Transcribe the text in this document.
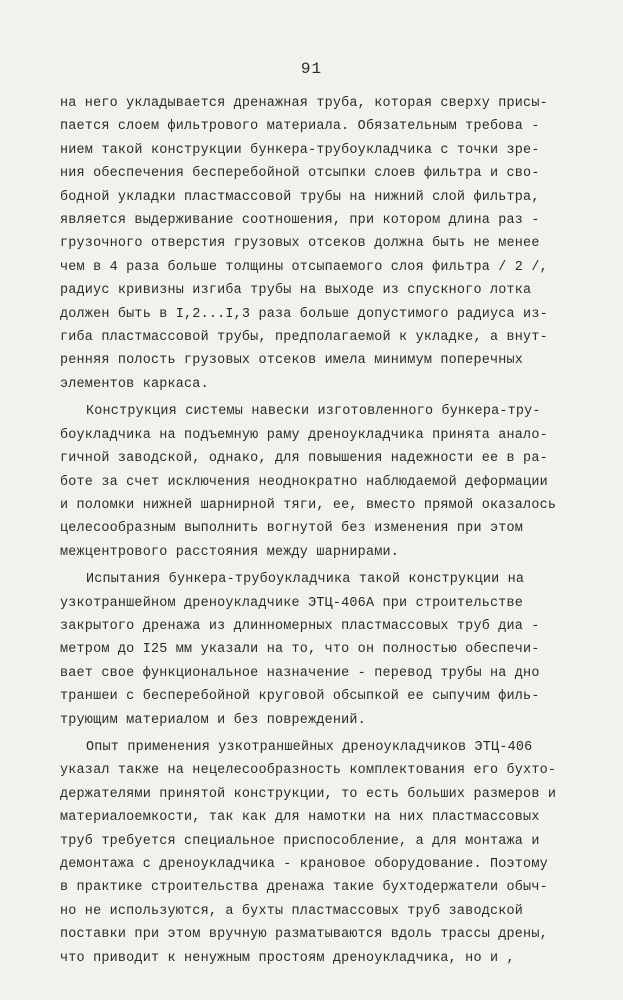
91
на него укладывается дренажная труба, которая сверху присы-
пается слоем фильтрового материала. Обязательным требова -
нием такой конструкции бункера-трубоукладчика с точки зре-
ния обеспечения бесперебойной отсыпки слоев фильтра и сво-
бодной укладки пластмассовой трубы на нижний слой фильтра,
является выдерживание соотношения, при котором длина раз -
грузочного отверстия грузовых отсеков должна быть не менее
чем в 4 раза больше толщины отсыпаемого слоя фильтра / 2 /,
радиус кривизны изгиба трубы на выходе из спускного лотка
должен быть в I,2...I,3 раза больше допустимого радиуса из-
гиба пластмассовой трубы, предполагаемой к укладке, а внут-
ренняя полость грузовых отсеков имела минимум поперечных
элементов каркаса.
Конструкция системы навески изготовленного бункера-тру-
боукладчика на подъемную раму дреноукладчика принята анало-
гичной заводской, однако, для повышения надежности ее в ра-
боте за счет исключения неоднократно наблюдаемой деформации
и поломки нижней шарнирной тяги, ее, вместо прямой оказалось
целесообразным выполнить вогнутой без изменения при этом
межцентрового расстояния между шарнирами.
Испытания бункера-трубоукладчика такой конструкции на
узкотраншейном дреноукладчике ЭТЦ-406А при строительстве
закрытого дренажа из длинномерных пластмассовых труб диа -
метром до I25 мм указали на то, что он полностью обеспечи-
вает свое функциональное назначение - перевод трубы на дно
траншеи с бесперебойной круговой обсыпкой ее сыпучим филь-
трующим материалом и без повреждений.
Опыт применения узкотраншейных дреноукладчиков ЭТЦ-406
указал также на нецелесообразность комплектования его бухто-
держателями принятой конструкции, то есть больших размеров и
материалоемкости, так как для намотки на них пластмассовых
труб требуется специальное приспособление, а для монтажа и
демонтажа с дреноукладчика - крановое оборудование. Поэтому
в практике строительства дренажа такие бухтодержатели обыч-
но не используются, а бухты пластмассовых труб заводской
поставки при этом вручную разматываются вдоль трассы дрены,
что приводит к ненужным простоям дреноукладчика, но и ,
